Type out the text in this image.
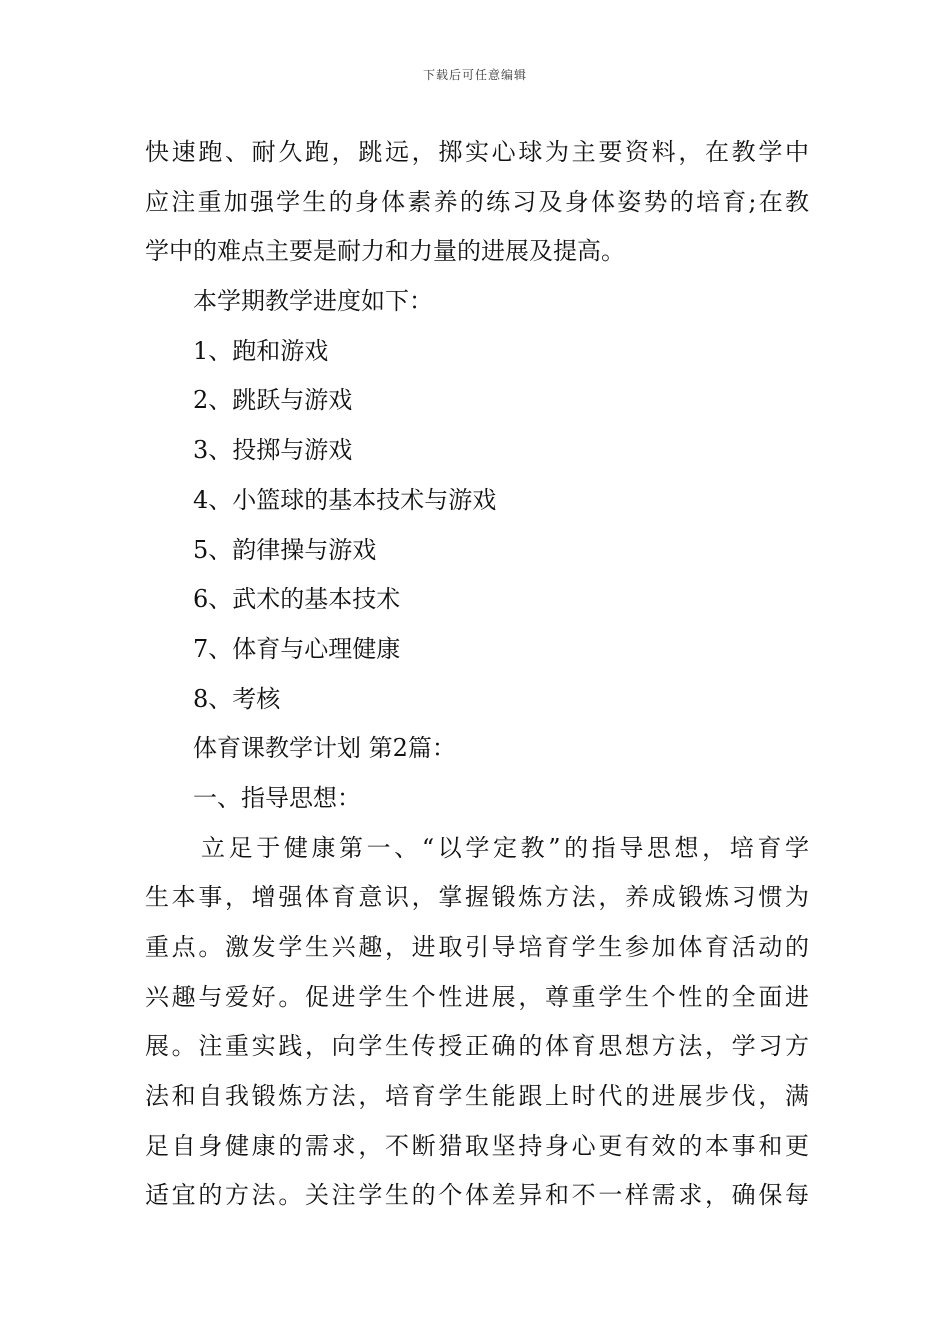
下载后可任意编辑
快速跑、耐久跑，跳远，掷实心球为主要资料，在教学中
应注重加强学生的身体素养的练习及身体姿势的培育;在教
学中的难点主要是耐力和力量的进展及提高。
本学期教学进度如下：
1、跑和游戏
2、跳跃与游戏
3、投掷与游戏
4、小篮球的基本技术与游戏
5、韵律操与游戏
6、武术的基本技术
7、体育与心理健康
8、考核
体育课教学计划 第2篇：
一、指导思想：
立足于健康第一、“以学定教”的指导思想，培育学
生本事，增强体育意识，掌握锻炼方法，养成锻炼习惯为
重点。激发学生兴趣，进取引导培育学生参加体育活动的
兴趣与爱好。促进学生个性进展，尊重学生个性的全面进
展。注重实践，向学生传授正确的体育思想方法，学习方
法和自我锻炼方法，培育学生能跟上时代的进展步伐，满
足自身健康的需求，不断猎取坚持身心更有效的本事和更
适宜的方法。关注学生的个体差异和不一样需求，确保每
